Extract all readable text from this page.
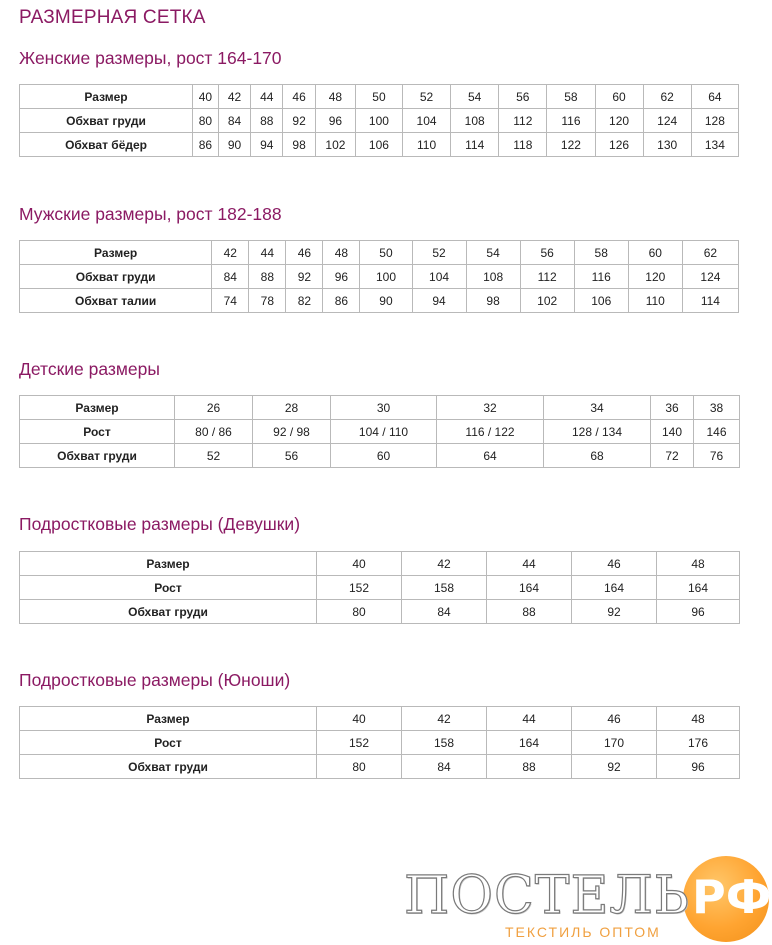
РАЗМЕРНАЯ СЕТКА
Женские размеры, рост 164-170
Размер	40	42	44	46	48	50	52	54	56	58	60	62	64
Обхват груди	80	84	88	92	96	100	104	108	112	116	120	124	128
Обхват бёдер	86	90	94	98	102	106	110	114	118	122	126	130	134
Мужские размеры, рост 182-188
Размер	42	44	46	48	50	52	54	56	58	60	62
Обхват груди	84	88	92	96	100	104	108	112	116	120	124
Обхват талии	74	78	82	86	90	94	98	102	106	110	114
Детские размеры
Размер	26	28	30	32	34	36	38
Рост	80 / 86	92 / 98	104 / 110	116 / 122	128 / 134	140	146
Обхват груди	52	56	60	64	68	72	76
Подростковые размеры (Девушки)
Размер	40	42	44	46	48
Рост	152	158	164	164	164
Обхват груди	80	84	88	92	96
Подростковые размеры (Юноши)
Размер	40	42	44	46	48
Рост	152	158	164	170	176
Обхват груди	80	84	88	92	96
ПОСТЕЛЬ РФ
ТЕКСТИЛЬ ОПТОМ
